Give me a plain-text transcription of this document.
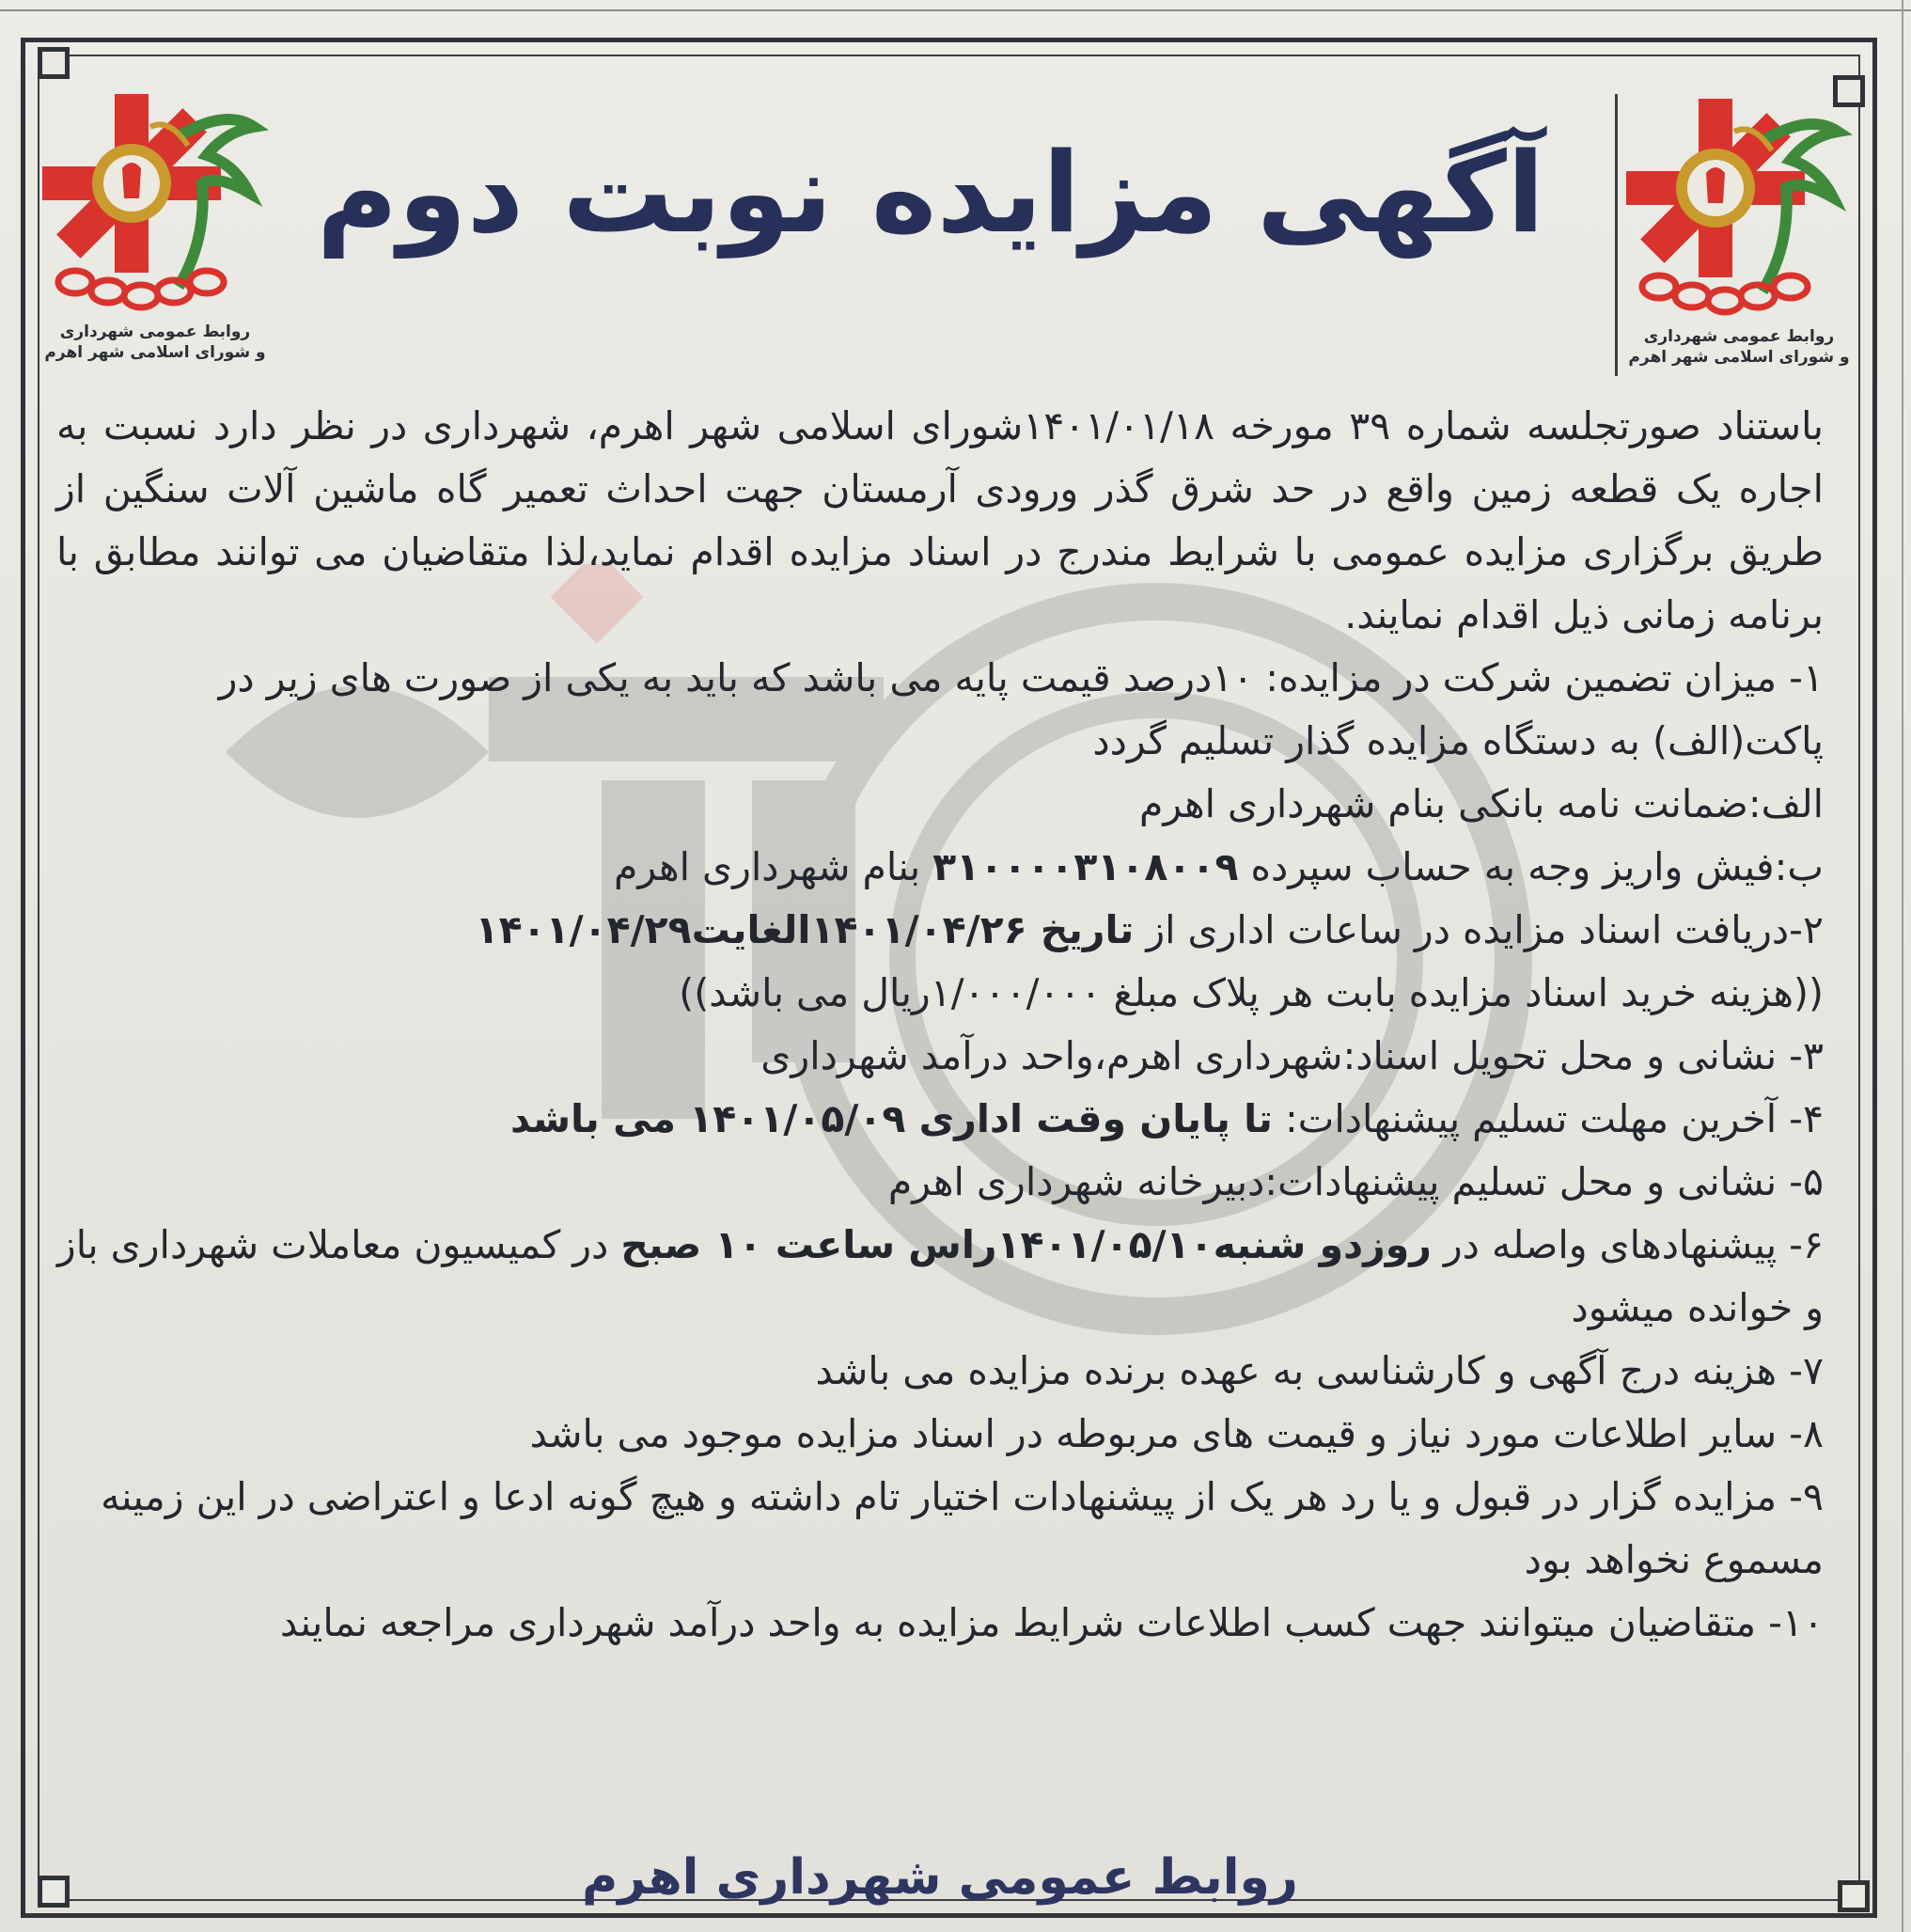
روابط عمومی شهرداری
و شورای اسلامی شهر اهرم
روابط عمومی شهرداری
و شورای اسلامی شهر اهرم
آگهی مزایده نوبت دوم

باستناد صورتجلسه شماره ۳۹ مورخه ۱۴۰۱/۰۱/۱۸شورای اسلامی شهر اهرم، شهرداری در نظر دارد نسبت به اجاره یک قطعه زمین واقع در حد شرق گذر ورودی آرمستان جهت احداث تعمیر گاه ماشین آلات سنگین از طریق برگزاری مزایده عمومی با شرایط مندرج در اسناد مزایده اقدام نماید،لذا متقاضیان می توانند مطابق با برنامه زمانی ذیل اقدام نمایند.

۱- میزان تضمین شرکت در مزایده: ۱۰درصد قیمت پایه می باشد که باید به یکی از صورت های زیر در پاکت(الف) به دستگاه مزایده گذار تسلیم گردد

الف:ضمانت نامه بانکی بنام شهرداری اهرم

ب:فیش واریز وجه به حساب سپرده ۳۱۰۰۰۰۳۱۰۸۰۰۹ بنام شهرداری اهرم

۲-دریافت اسناد مزایده در ساعات اداری از تاریخ ۱۴۰۱/۰۴/۲۶الغایت۱۴۰۱/۰۴/۲۹

((هزینه خرید اسناد مزایده بابت هر پلاک مبلغ ۱/۰۰۰/۰۰۰ریال می باشد))

۳- نشانی و محل تحویل اسناد:شهرداری اهرم،واحد درآمد شهرداری

۴- آخرین مهلت تسلیم پیشنهادات: تا پایان وقت اداری ۱۴۰۱/۰۵/۰۹ می باشد

۵- نشانی و محل تسلیم پیشنهادات:دبیرخانه شهرداری اهرم

۶- پیشنهادهای واصله در روزدو شنبه۱۴۰۱/۰۵/۱۰راس ساعت ۱۰ صبح در کمیسیون معاملات شهرداری باز و خوانده میشود

۷- هزینه درج آگهی و کارشناسی به عهده برنده مزایده می باشد

۸- سایر اطلاعات مورد نیاز و قیمت های مربوطه در اسناد مزایده موجود می باشد

۹- مزایده گزار در قبول و یا رد هر یک از پیشنهادات اختیار تام داشته و هیچ گونه ادعا و اعتراضی در این زمینه مسموع نخواهد بود

۱۰- متقاضیان میتوانند جهت کسب اطلاعات شرایط مزایده به واحد درآمد شهرداری مراجعه نمایند

روابط عمومی شهرداری اهرم
